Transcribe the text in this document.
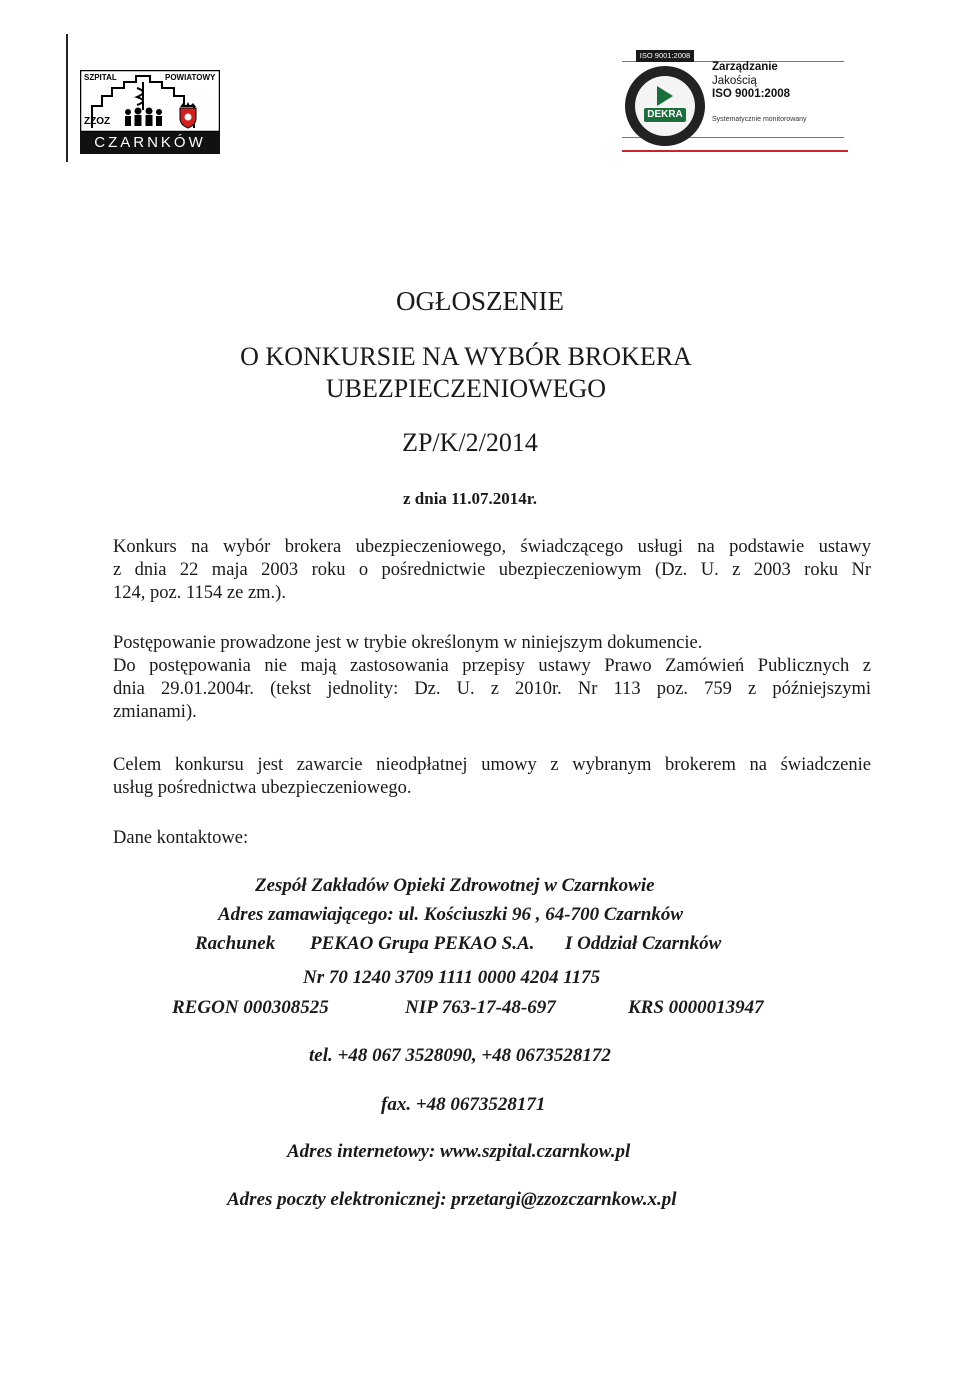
SZPITAL	POWIATOWY
ZZOZ
CZARNKÓW
ISO 9001:2008
DEKRA
Zarządzanie
Jakością
ISO 9001:2008
Systematycznie monitorowany
OGŁOSZENIE
O KONKURSIE NA WYBÓR BROKERA
UBEZPIECZENIOWEGO
ZP/K/2/2014
z dnia 11.07.2014r.
Konkurs na wybór brokera ubezpieczeniowego, świadczącego usługi na podstawie ustawy
z dnia 22 maja 2003 roku o pośrednictwie ubezpieczeniowym (Dz. U. z 2003 roku Nr
124, poz. 1154 ze zm.).
Postępowanie prowadzone jest w trybie określonym w niniejszym dokumencie.
Do postępowania nie mają zastosowania przepisy ustawy Prawo Zamówień Publicznych z
dnia 29.01.2004r. (tekst jednolity: Dz. U. z 2010r. Nr 113 poz. 759 z późniejszymi
zmianami).
Celem konkursu jest zawarcie nieodpłatnej umowy z wybranym brokerem na świadczenie
usług pośrednictwa ubezpieczeniowego.
Dane kontaktowe:
Zespół Zakładów Opieki Zdrowotnej w Czarnkowie
Adres zamawiającego: ul. Kościuszki 96 , 64-700 Czarnków
Rachunek PEKAO Grupa PEKAO S.A. I Oddział Czarnków
Nr 70 1240 3709 1111 0000 4204 1175
REGON 000308525	NIP 763-17-48-697	KRS 0000013947
tel. +48 067 3528090, +48 0673528172
fax. +48 0673528171
Adres internetowy: www.szpital.czarnkow.pl
Adres poczty elektronicznej: przetargi@zzozczarnkow.x.pl
